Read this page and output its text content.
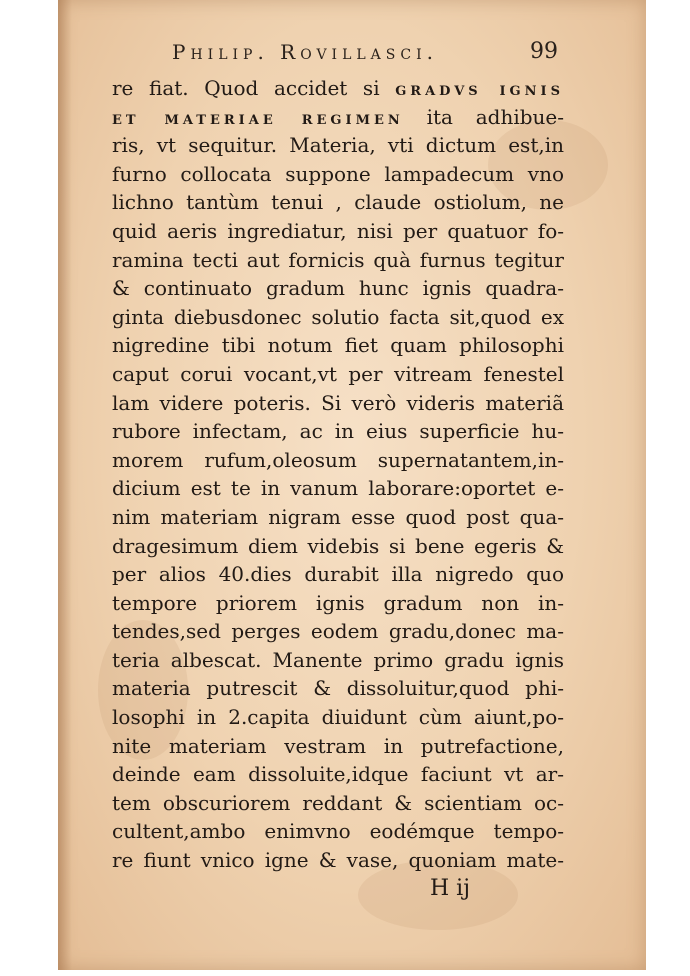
Philip. Rovillasci.	99
re fiat. Quod accidet si GRADVS IGNIS
ET MATERIAE REGIMEN ita adhibue-
ris, vt sequitur. Materia, vti dictum est,in
furno collocata suppone lampadecum vno
lichno tantùm tenui , claude ostiolum, ne
quid aeris ingrediatur, nisi per quatuor fo-
ramina tecti aut fornicis quà furnus tegitur
& continuato gradum hunc ignis quadra-
ginta diebusdonec solutio facta sit,quod ex
nigredine tibi notum fiet quam philosophi
caput corui vocant,vt per vitream fenestel
lam videre poteris. Si verò videris materiã
rubore infectam, ac in eius superficie hu-
morem rufum,oleosum supernatantem,in-
dicium est te in vanum laborare:oportet e-
nim materiam nigram esse quod post qua-
dragesimum diem videbis si bene egeris &
per alios 40.dies durabit illa nigredo quo
tempore priorem ignis gradum non in-
tendes,sed perges eodem gradu,donec ma-
teria albescat. Manente primo gradu ignis
materia putrescit & dissoluitur,quod phi-
losophi in 2.capita diuidunt cùm aiunt,po-
nite materiam vestram in putrefactione,
deinde eam dissoluite,idque faciunt vt ar-
tem obscuriorem reddant & scientiam oc-
cultent,ambo enimvno eodémque tempo-
re fiunt vnico igne & vase, quoniam mate-
H ij
